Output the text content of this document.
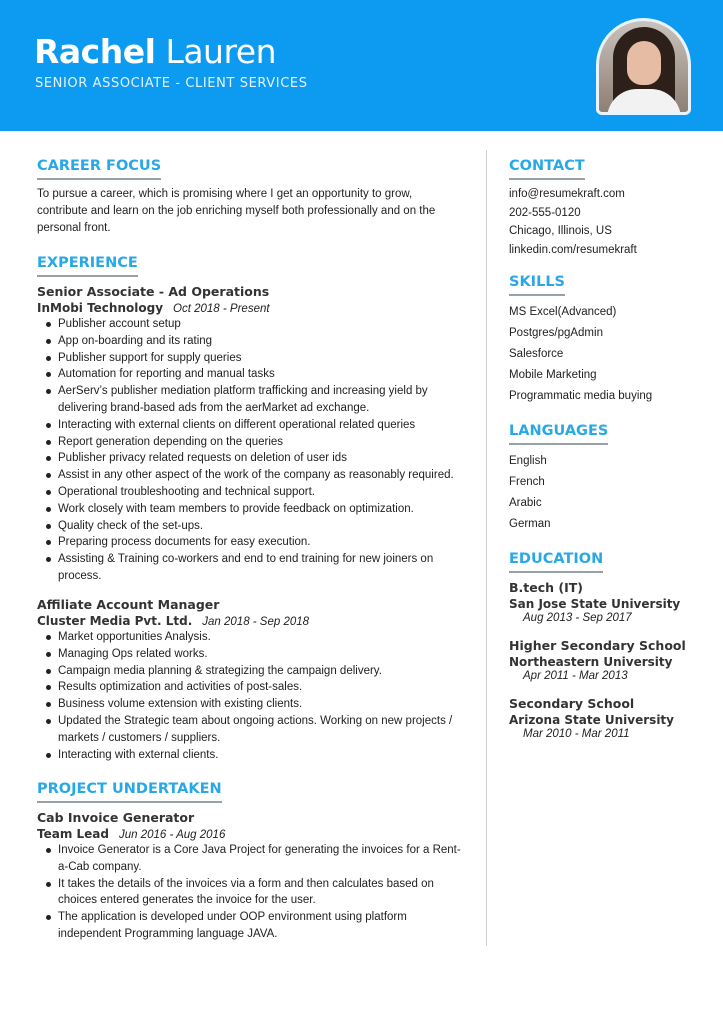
Rachel Lauren
SENIOR ASSOCIATE - CLIENT SERVICES
CAREER FOCUS
To pursue a career, which is promising where I get an opportunity to grow, contribute and learn on the job enriching myself both professionally and on the personal front.
EXPERIENCE
Senior Associate - Ad Operations
InMobi Technology Oct 2018 - Present
Publisher account setup
App on-boarding and its rating
Publisher support for supply queries
Automation for reporting and manual tasks
AerServ’s publisher mediation platform trafficking and increasing yield by delivering brand-based ads from the aerMarket ad exchange.
Interacting with external clients on different operational related queries
Report generation depending on the queries
Publisher privacy related requests on deletion of user ids
Assist in any other aspect of the work of the company as reasonably required.
Operational troubleshooting and technical support.
Work closely with team members to provide feedback on optimization.
Quality check of the set-ups.
Preparing process documents for easy execution.
Assisting & Training co-workers and end to end training for new joiners on process.
Affiliate Account Manager
Cluster Media Pvt. Ltd. Jan 2018 - Sep 2018
Market opportunities Analysis.
Managing Ops related works.
Campaign media planning & strategizing the campaign delivery.
Results optimization and activities of post-sales.
Business volume extension with existing clients.
Updated the Strategic team about ongoing actions. Working on new projects / markets / customers / suppliers.
Interacting with external clients.
PROJECT UNDERTAKEN
Cab Invoice Generator
Team Lead Jun 2016 - Aug 2016
Invoice Generator is a Core Java Project for generating the invoices for a Rent-a-Cab company.
It takes the details of the invoices via a form and then calculates based on choices entered generates the invoice for the user.
The application is developed under OOP environment using platform independent Programming language JAVA.
CONTACT
info@resumekraft.com
202-555-0120
Chicago, Illinois, US
linkedin.com/resumekraft
SKILLS
MS Excel(Advanced)
Postgres/pgAdmin
Salesforce
Mobile Marketing
Programmatic media buying
LANGUAGES
English
French
Arabic
German
EDUCATION
B.tech (IT)
San Jose State University
Aug 2013 - Sep 2017
Higher Secondary School
Northeastern University
Apr 2011 - Mar 2013
Secondary School
Arizona State University
Mar 2010 - Mar 2011
